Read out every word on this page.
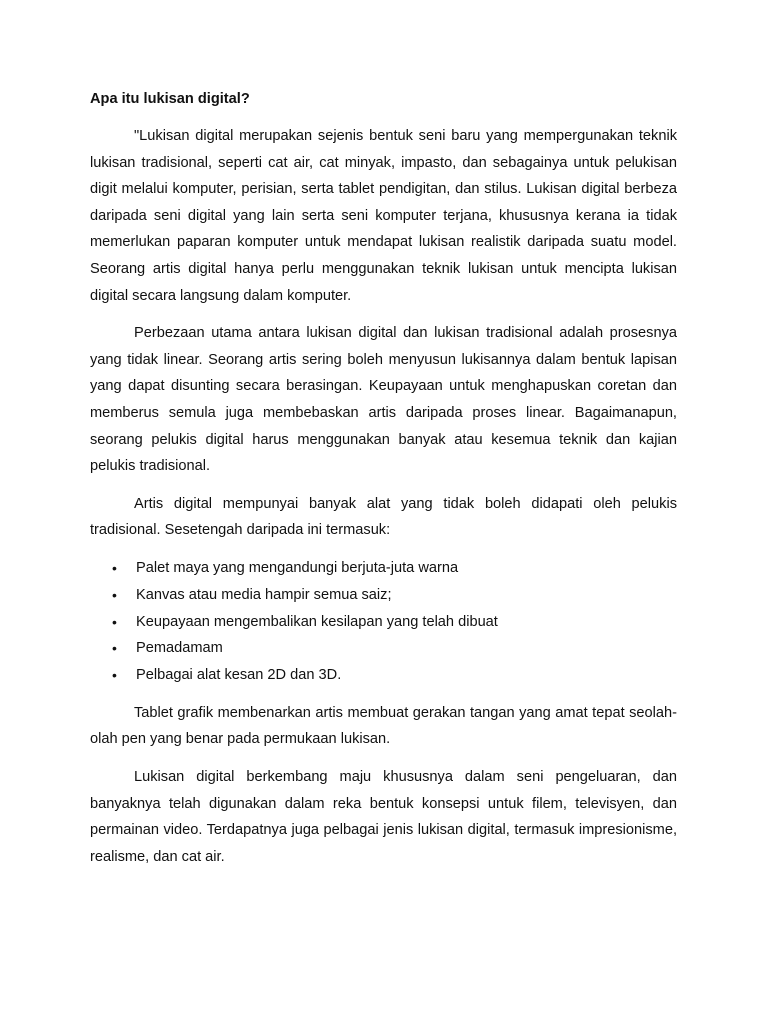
Apa itu lukisan digital?

"Lukisan digital merupakan sejenis bentuk seni baru yang mempergunakan teknik lukisan tradisional, seperti cat air, cat minyak, impasto, dan sebagainya untuk pelukisan digit melalui komputer, perisian, serta tablet pendigitan, dan stilus. Lukisan digital berbeza daripada seni digital yang lain serta seni komputer terjana, khususnya kerana ia tidak memerlukan paparan komputer untuk mendapat lukisan realistik daripada suatu model. Seorang artis digital hanya perlu menggunakan teknik lukisan untuk mencipta lukisan digital secara langsung dalam komputer.

Perbezaan utama antara lukisan digital dan lukisan tradisional adalah prosesnya yang tidak linear. Seorang artis sering boleh menyusun lukisannya dalam bentuk lapisan yang dapat disunting secara berasingan. Keupayaan untuk menghapuskan coretan dan memberus semula juga membebaskan artis daripada proses linear. Bagaimanapun, seorang pelukis digital harus menggunakan banyak atau kesemua teknik dan kajian pelukis tradisional.

Artis digital mempunyai banyak alat yang tidak boleh didapati oleh pelukis tradisional. Sesetengah daripada ini termasuk:

• Palet maya yang mengandungi berjuta-juta warna
• Kanvas atau media hampir semua saiz;
• Keupayaan mengembalikan kesilapan yang telah dibuat
• Pemadamam
• Pelbagai alat kesan 2D dan 3D.

Tablet grafik membenarkan artis membuat gerakan tangan yang amat tepat seolah-olah pen yang benar pada permukaan lukisan.

Lukisan digital berkembang maju khususnya dalam seni pengeluaran, dan banyaknya telah digunakan dalam reka bentuk konsepsi untuk filem, televisyen, dan permainan video. Terdapatnya juga pelbagai jenis lukisan digital, termasuk impresionisme, realisme, dan cat air.
